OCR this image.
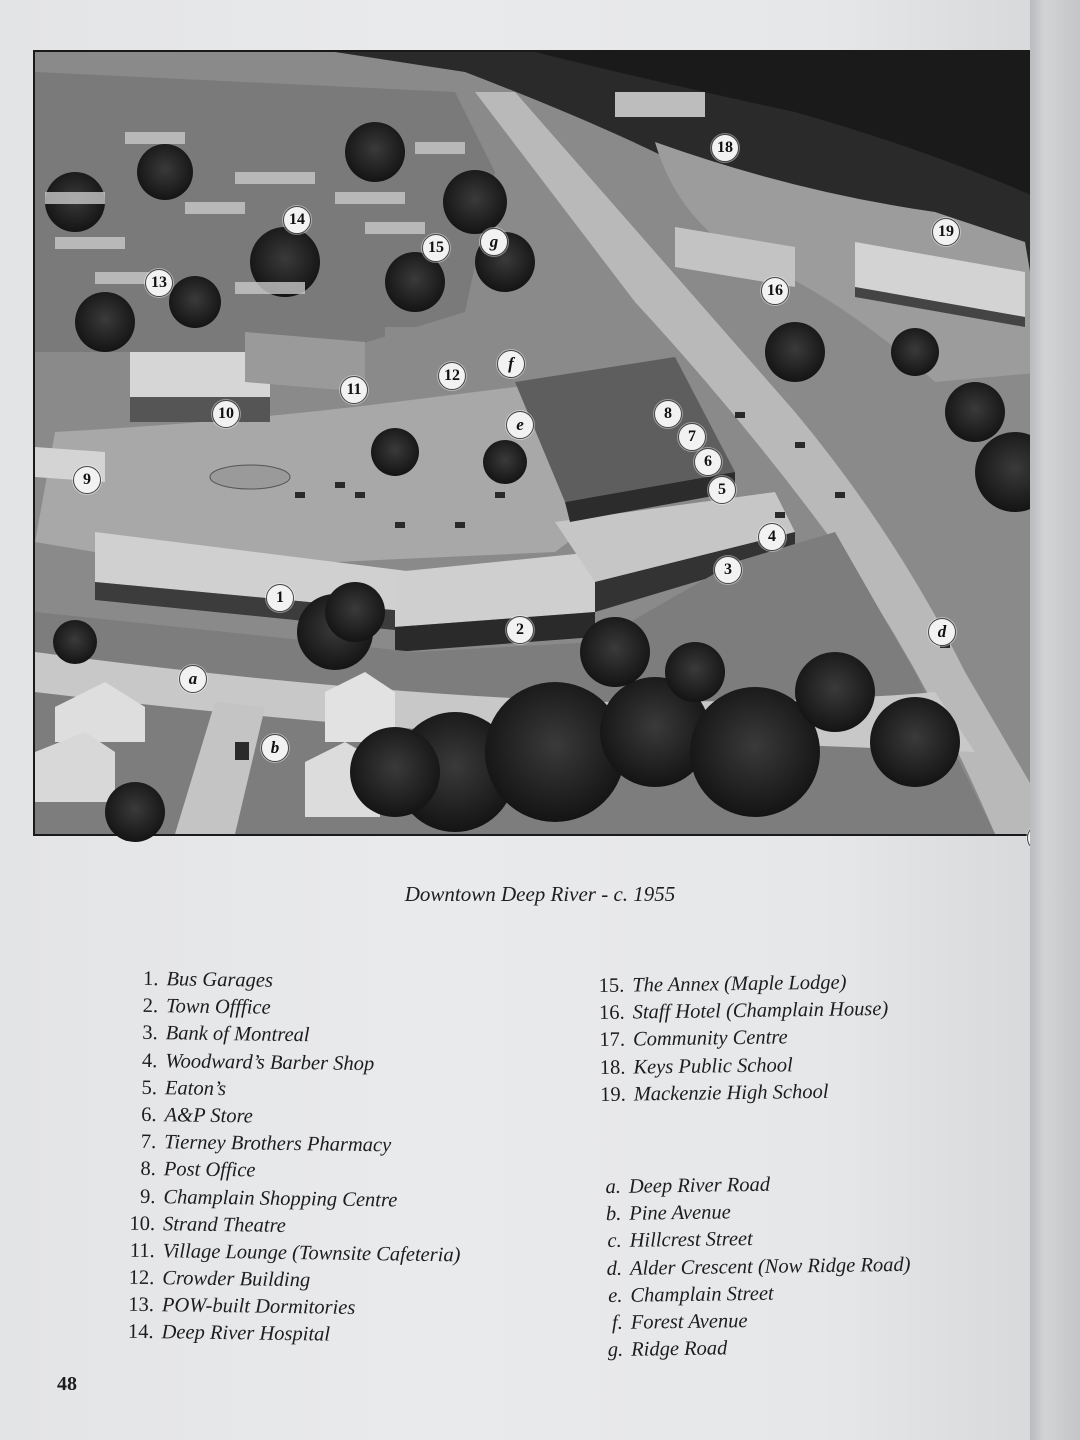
18
14
19
15	g
13	16
f
12
11
10	8
e
7
6
9
5
4
3
1
2	d
a
b
Downtown Deep River - c. 1955
1. Bus Garages
2. Town Offfice
3. Bank of Montreal
4. Woodward’s Barber Shop
5. Eaton’s
6. A&P Store
7. Tierney Brothers Pharmacy
8. Post Office
9. Champlain Shopping Centre
10. Strand Theatre
11. Village Lounge (Townsite Cafeteria)
12. Crowder Building
13. POW-built Dormitories
14. Deep River Hospital
15. The Annex (Maple Lodge)
16. Staff Hotel (Champlain House)
17. Community Centre
18. Keys Public School
19. Mackenzie High School
a. Deep River Road
b. Pine Avenue
c. Hillcrest Street
d. Alder Crescent (Now Ridge Road)
e. Champlain Street
f. Forest Avenue
g. Ridge Road
48
